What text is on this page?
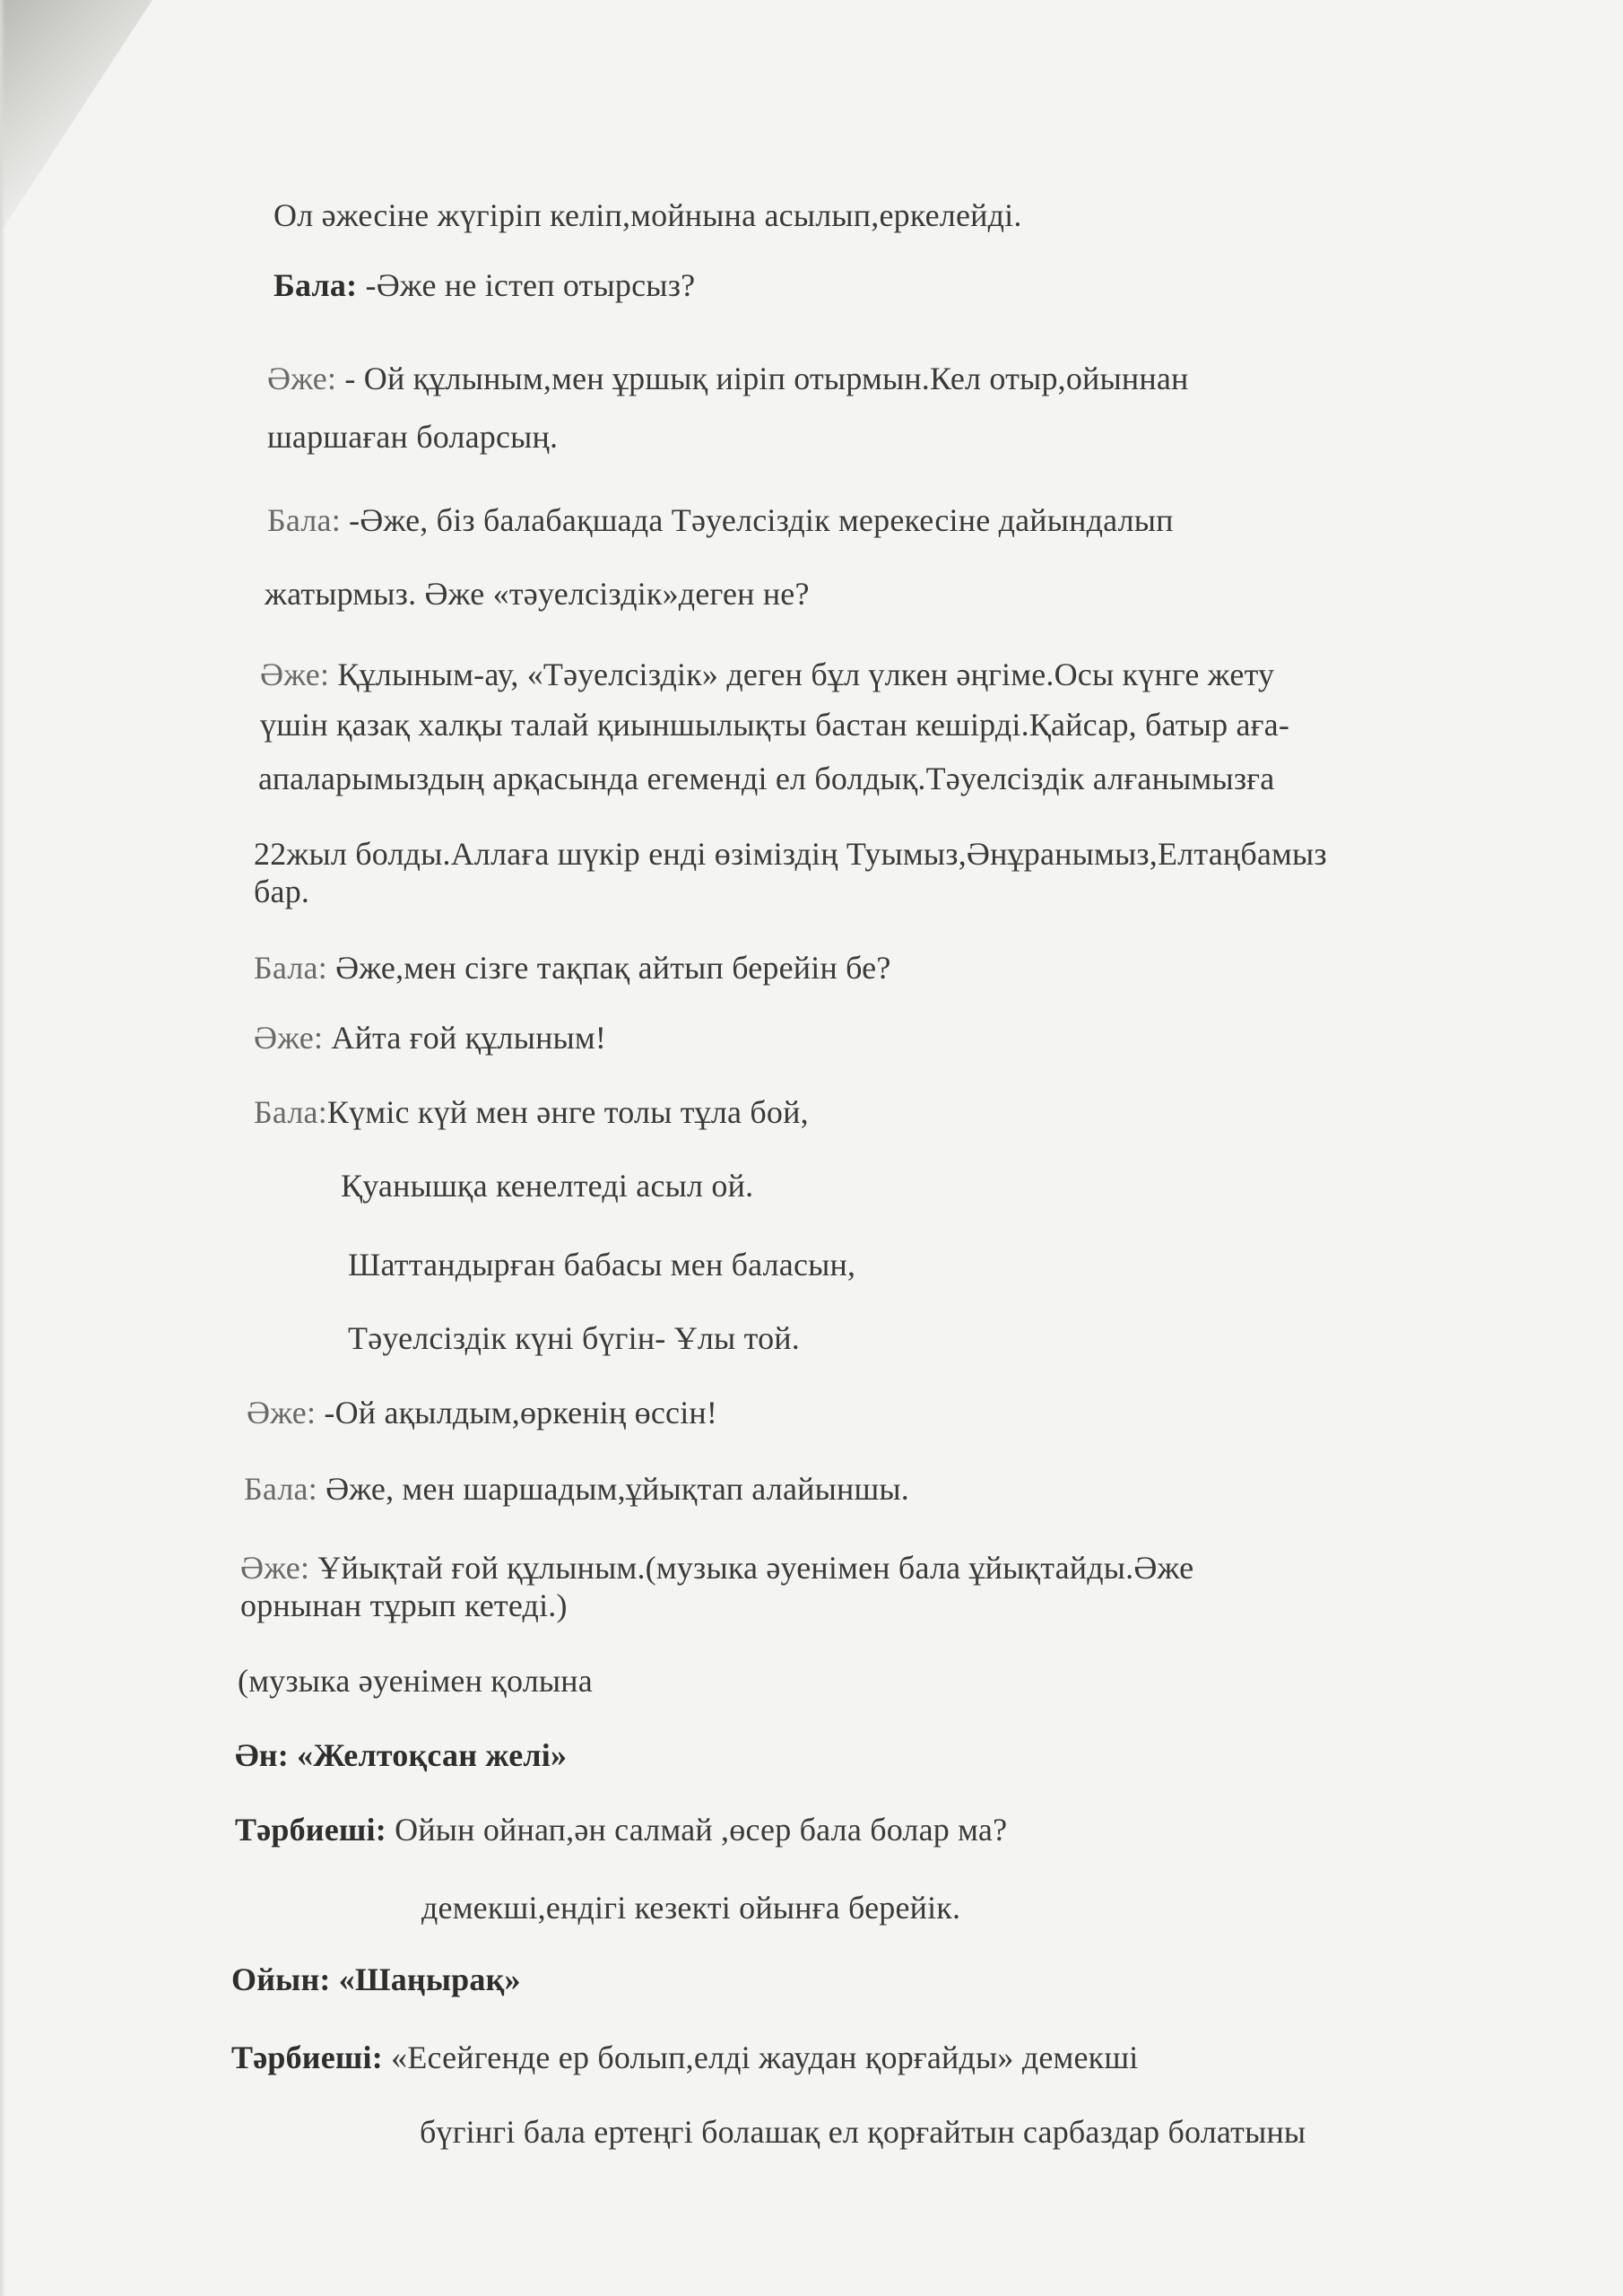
Ол әжесіне жүгіріп келіп,мойнына асылып,еркелейді.
Бала: -Әже не істеп отырсыз?
Әже: - Ой құлыным,мен ұршық иіріп отырмын.Кел отыр,ойыннан
шаршаған боларсың.
Бала: -Әже, біз балабақшада Тәуелсіздік мерекесіне дайындалып
жатырмыз. Әже «тәуелсіздік»деген не?
Әже: Құлыным-ау, «Тәуелсіздік» деген бұл үлкен әңгіме.Осы күнге жету
үшін қазақ халқы талай қиыншылықты бастан кешірді.Қайсар, батыр аға-
апаларымыздың арқасында егеменді ел болдық.Тәуелсіздік алғанымызға
22жыл болды.Аллаға шүкір енді өзіміздің Туымыз,Әнұранымыз,Елтаңбамыз
бар.
Бала: Әже,мен сізге тақпақ айтып берейін бе?
Әже: Айта ғой құлыным!
Бала:Күміс күй мен әнге толы тұла бой,
Қуанышқа кенелтеді асыл ой.
Шаттандырған бабасы мен баласын,
Тәуелсіздік күні бүгін- Ұлы той.
Әже: -Ой ақылдым,өркенің өссін!
Бала: Әже, мен шаршадым,ұйықтап алайыншы.
Әже: Ұйықтай ғой құлыным.(музыка әуенімен бала ұйықтайды.Әже
орнынан тұрып кетеді.)
(музыка әуенімен қолына
Ән: «Желтоқсан желі»
Тәрбиеші: Ойын ойнап,ән салмай ,өсер бала болар ма?
демекші,ендігі кезекті ойынға берейік.
Ойын: «Шаңырақ»
Тәрбиеші: «Есейгенде ер болып,елді жаудан қорғайды» демекші
бүгінгі бала ертеңгі болашақ ел қорғайтын сарбаздар болатыны
